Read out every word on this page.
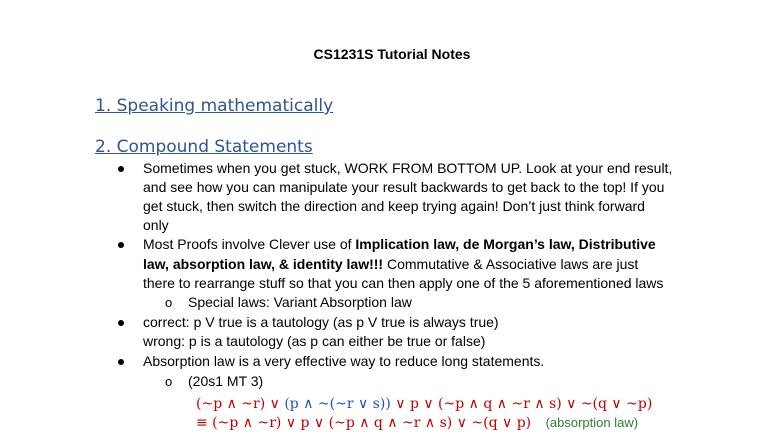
CS1231S Tutorial Notes
1. Speaking mathematically
2. Compound Statements
Sometimes when you get stuck, WORK FROM BOTTOM UP. Look at your end result,
and see how you can manipulate your result backwards to get back to the top! If you
get stuck, then switch the direction and keep trying again! Don’t just think forward
only
Most Proofs involve Clever use of Implication law, de Morgan’s law, Distributive
law, absorption law, & identity law!!! Commutative & Associative laws are just
there to rearrange stuff so that you can then apply one of the 5 aforementioned laws
o Special laws: Variant Absorption law
correct: p V true is a tautology (as p V true is always true)
wrong: p is a tautology (as p can either be true or false)
Absorption law is a very effective way to reduce long statements.
o (20s1 MT 3)
(~p ∧ ~r) ∨ (p ∧ ~(~r ∨ s)) ∨ p ∨ (~p ∧ q ∧ ~r ∧ s) ∨ ~(q ∨ ~p)
≡ (~p ∧ ~r) ∨ p ∨ (~p ∧ q ∧ ~r ∧ s) ∨ ~(q ∨ p) (absorption law)
